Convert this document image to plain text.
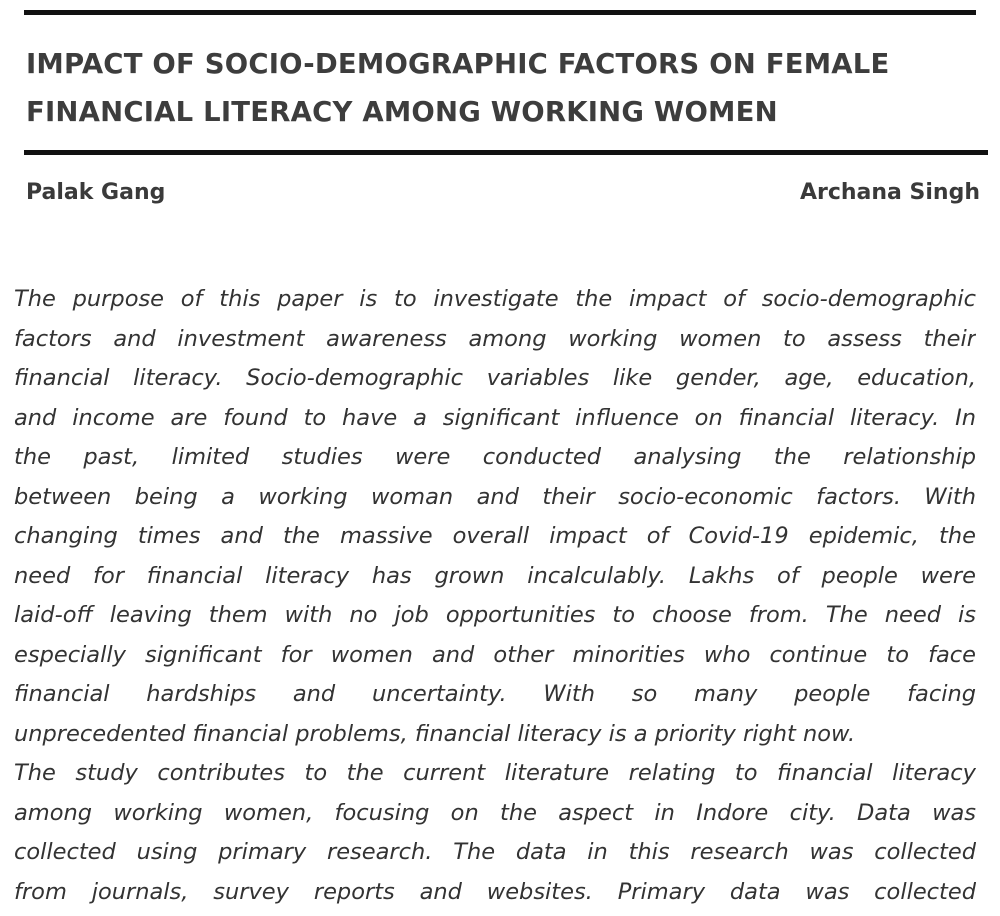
IMPACT OF SOCIO-DEMOGRAPHIC FACTORS ON FEMALE
FINANCIAL LITERACY AMONG WORKING WOMEN
Palak Gang	Archana Singh
The purpose of this paper is to investigate the impact of socio-demographic
factors and investment awareness among working women to assess their
financial literacy. Socio-demographic variables like gender, age, education,
and income are found to have a significant influence on financial literacy. In
the past, limited studies were conducted analysing the relationship
between being a working woman and their socio-economic factors. With
changing times and the massive overall impact of Covid-19 epidemic, the
need for financial literacy has grown incalculably. Lakhs of people were
laid-off leaving them with no job opportunities to choose from. The need is
especially significant for women and other minorities who continue to face
financial hardships and uncertainty. With so many people facing
unprecedented financial problems, financial literacy is a priority right now.
The study contributes to the current literature relating to financial literacy
among working women, focusing on the aspect in Indore city. Data was
collected using primary research. The data in this research was collected
from journals, survey reports and websites. Primary data was collected
